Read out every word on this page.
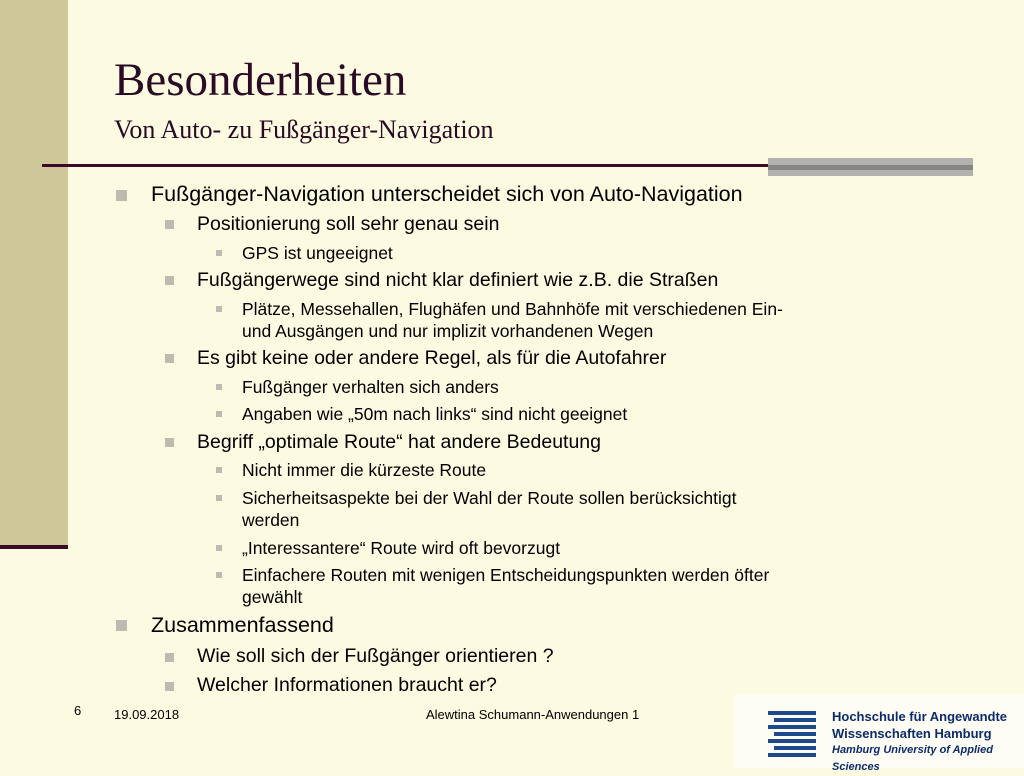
Besonderheiten
Von Auto- zu Fußgänger-Navigation
Fußgänger-Navigation unterscheidet sich von Auto-Navigation
Positionierung soll sehr genau sein
GPS ist ungeeignet
Fußgängerwege sind nicht klar definiert wie z.B. die Straßen
Plätze, Messehallen, Flughäfen und Bahnhöfe mit verschiedenen Ein-
und Ausgängen und nur implizit vorhandenen Wegen
Es gibt keine oder andere Regel, als für die Autofahrer
Fußgänger verhalten sich anders
Angaben wie „50m nach links“ sind nicht geeignet
Begriff „optimale Route“ hat andere Bedeutung
Nicht immer die kürzeste Route
Sicherheitsaspekte bei der Wahl der Route sollen berücksichtigt
werden
„Interessantere“ Route wird oft bevorzugt
Einfachere Routen mit wenigen Entscheidungspunkten werden öfter
gewählt
Zusammenfassend
Wie soll sich der Fußgänger orientieren ?
Welcher Informationen braucht er?
6	19.09.2018	Alewtina Schumann-Anwendungen 1	Hochschule für Angewandte
Wissenschaften Hamburg
Hamburg University of Applied Sciences
